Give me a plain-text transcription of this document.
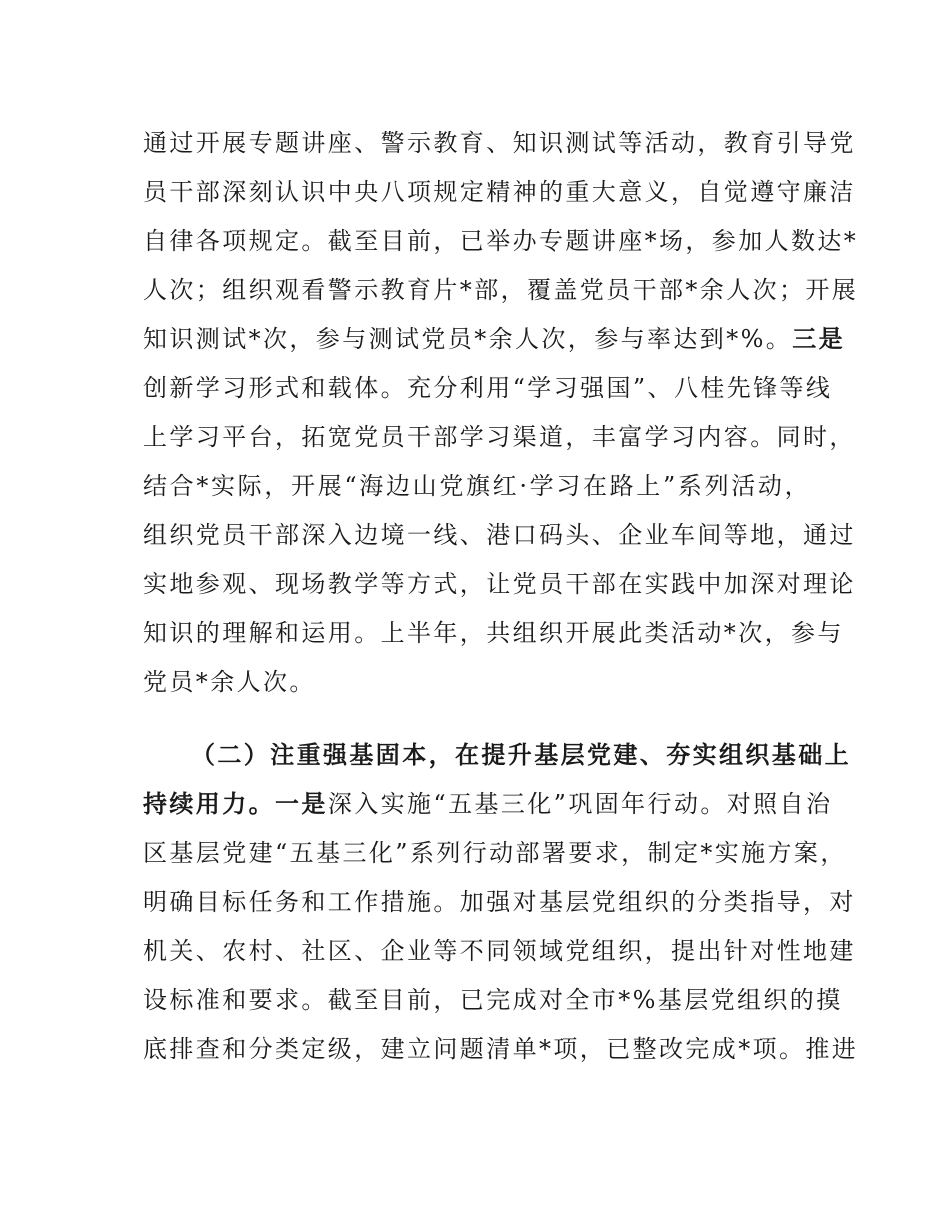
通过开展专题讲座、警示教育、知识测试等活动，教育引导党
员干部深刻认识中央八项规定精神的重大意义，自觉遵守廉洁
自律各项规定。截至目前，已举办专题讲座*场，参加人数达*
人次；组织观看警示教育片*部，覆盖党员干部*余人次；开展
知识测试*次，参与测试党员*余人次，参与率达到*%。三是
创新学习形式和载体。充分利用“学习强国”、八桂先锋等线
上学习平台，拓宽党员干部学习渠道，丰富学习内容。同时，
结合*实际，开展“海边山党旗红·学习在路上”系列活动，
组织党员干部深入边境一线、港口码头、企业车间等地，通过
实地参观、现场教学等方式，让党员干部在实践中加深对理论
知识的理解和运用。上半年，共组织开展此类活动*次，参与
党员*余人次。
（二）注重强基固本，在提升基层党建、夯实组织基础上
持续用力。一是深入实施“五基三化”巩固年行动。对照自治
区基层党建“五基三化”系列行动部署要求，制定*实施方案，
明确目标任务和工作措施。加强对基层党组织的分类指导，对
机关、农村、社区、企业等不同领域党组织，提出针对性地建
设标准和要求。截至目前，已完成对全市*%基层党组织的摸
底排查和分类定级，建立问题清单*项，已整改完成*项。推进
